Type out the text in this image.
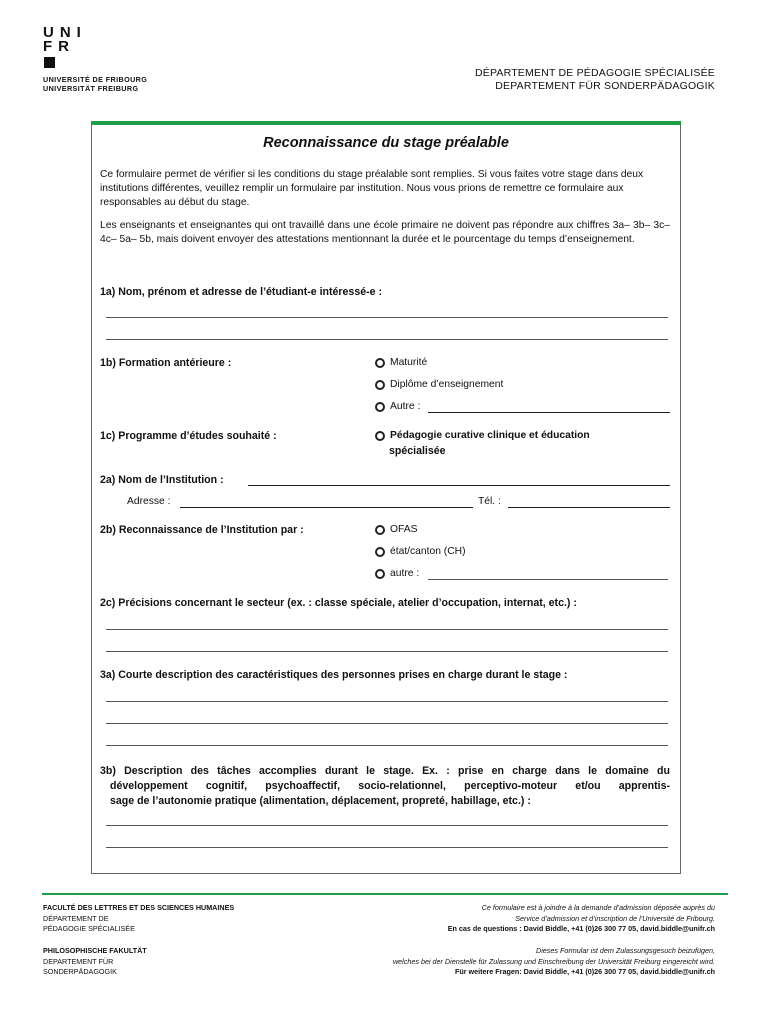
UNI
FR
UNIVERSITÉ DE FRIBOURG
UNIVERSITÄT FREIBURG
DÉPARTEMENT DE PÉDAGOGIE SPÉCIALISÉE
DEPARTEMENT FÜR SONDERPÄDAGOGIK
Reconnaissance du stage préalable
Ce formulaire permet de vérifier si les conditions du stage préalable sont remplies. Si vous faites votre stage dans deux institutions différentes, veuillez remplir un formulaire par institution. Nous vous prions de remettre ce formulaire aux responsables au début du stage.
Les enseignants et enseignantes qui ont travaillé dans une école primaire ne doivent pas répondre aux chiffres 3a– 3b– 3c–4c– 5a– 5b, mais doivent envoyer des attestations mentionnant la durée et le pourcentage du temps d’enseignement.
1a) Nom, prénom et adresse de l’étudiant-e intéressé-e :
1b) Formation antérieure :	Maturité
Diplôme d’enseignement
Autre :
1c) Programme d’études souhaité :	Pédagogie curative clinique et éducation
spécialisée
2a) Nom de l’Institution :
Adresse :	Tél. :
2b) Reconnaissance de l’Institution par :	OFAS
état/canton (CH)
autre :
2c) Précisions concernant le secteur (ex. : classe spéciale, atelier d’occupation, internat, etc.) :
3a) Courte description des caractéristiques des personnes prises en charge durant le stage :
3b) Description des tâches accomplies durant le stage. Ex. : prise en charge dans le domaine du
développement cognitif, psychoaffectif, socio-relationnel, perceptivo-moteur et/ou apprentis-
sage de l’autonomie pratique (alimentation, déplacement, propreté, habillage, etc.) :
FACULTÉ DES LETTRES ET DES SCIENCES HUMAINES
DÉPARTEMENT DE
PÉDAGOGIE SPÉCIALISÉE
PHILOSOPHISCHE FAKULTÄT
DEPARTEMENT FÜR
SONDERPÄDAGOGIK
Ce formulaire est à joindre à la demande d’admission déposée auprès du
Service d’admission et d’inscription de l’Université de Fribourg.
En cas de questions : David Biddle, +41 (0)26 300 77 05, david.biddle@unifr.ch
Dieses Formular ist dem Zulassungsgesuch beizufügen,
welches bei der Dienstelle für Zulassung und Einschreibung der Universität Freiburg eingereicht wird.
Für weitere Fragen: David Biddle, +41 (0)26 300 77 05, david.biddle@unifr.ch
